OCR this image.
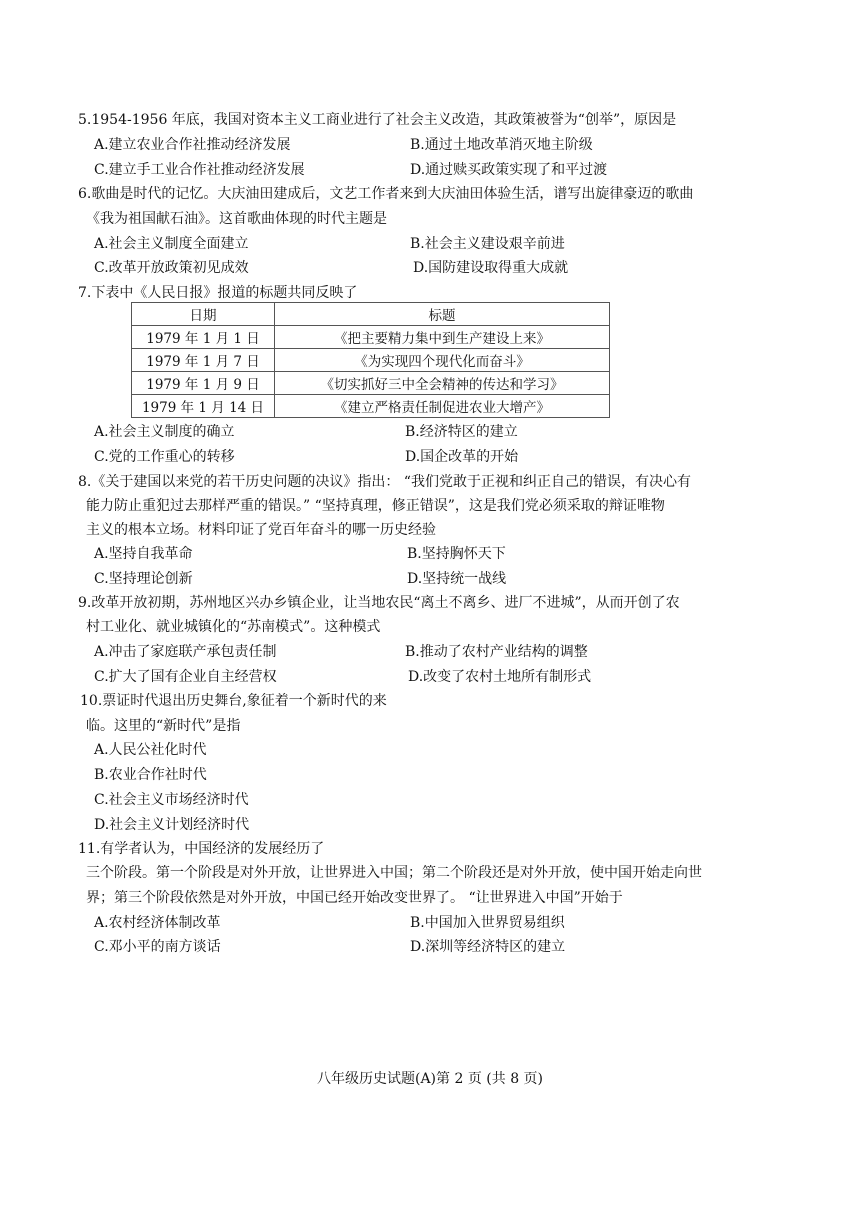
5.1954-1956 年底，我国对资本主义工商业进行了社会主义改造，其政策被誉为“创举”，原因是
A.建立农业合作社推动经济发展	B.通过土地改革消灭地主阶级
C.建立手工业合作社推动经济发展	D.通过赎买政策实现了和平过渡
6.歌曲是时代的记忆。大庆油田建成后，文艺工作者来到大庆油田体验生活，谱写出旋律豪迈的歌曲
《我为祖国献石油》。这首歌曲体现的时代主题是
A.社会主义制度全面建立	B.社会主义建设艰辛前进
C.改革开放政策初见成效	D.国防建设取得重大成就
7.下表中《人民日报》报道的标题共同反映了
日期	标题
1979 年 1 月 1 日	《把主要精力集中到生产建设上来》
1979 年 1 月 7 日	《为实现四个现代化而奋斗》
1979 年 1 月 9 日	《切实抓好三中全会精神的传达和学习》
1979 年 1 月 14 日	《建立严格责任制促进农业大增产》
A.社会主义制度的确立	B.经济特区的建立
C.党的工作重心的转移	D.国企改革的开始
8.《关于建国以来党的若干历史问题的决议》指出： “我们党敢于正视和纠正自己的错误，有决心有
能力防止重犯过去那样严重的错误。” “坚持真理，修正错误”，这是我们党必须采取的辩证唯物
主义的根本立场。材料印证了党百年奋斗的哪一历史经验
A.坚持自我革命	B.坚持胸怀天下
C.坚持理论创新	D.坚持统一战线
9.改革开放初期，苏州地区兴办乡镇企业，让当地农民“离土不离乡、进厂不进城”，从而开创了农
村工业化、就业城镇化的“苏南模式”。这种模式
A.冲击了家庭联产承包责任制	B.推动了农村产业结构的调整
C.扩大了国有企业自主经营权	D.改变了农村土地所有制形式
10.票证时代退出历史舞台,象征着一个新时代的来
临。这里的“新时代”是指
A.人民公社化时代
B.农业合作社时代
C.社会主义市场经济时代
D.社会主义计划经济时代
11.有学者认为，中国经济的发展经历了
三个阶段。第一个阶段是对外开放，让世界进入中国；第二个阶段还是对外开放，使中国开始走向世
界；第三个阶段依然是对外开放，中国已经开始改变世界了。 “让世界进入中国”开始于
A.农村经济体制改革	B.中国加入世界贸易组织
C.邓小平的南方谈话	D.深圳等经济特区的建立
八年级历史试题(A)第 2 页 (共 8 页)
